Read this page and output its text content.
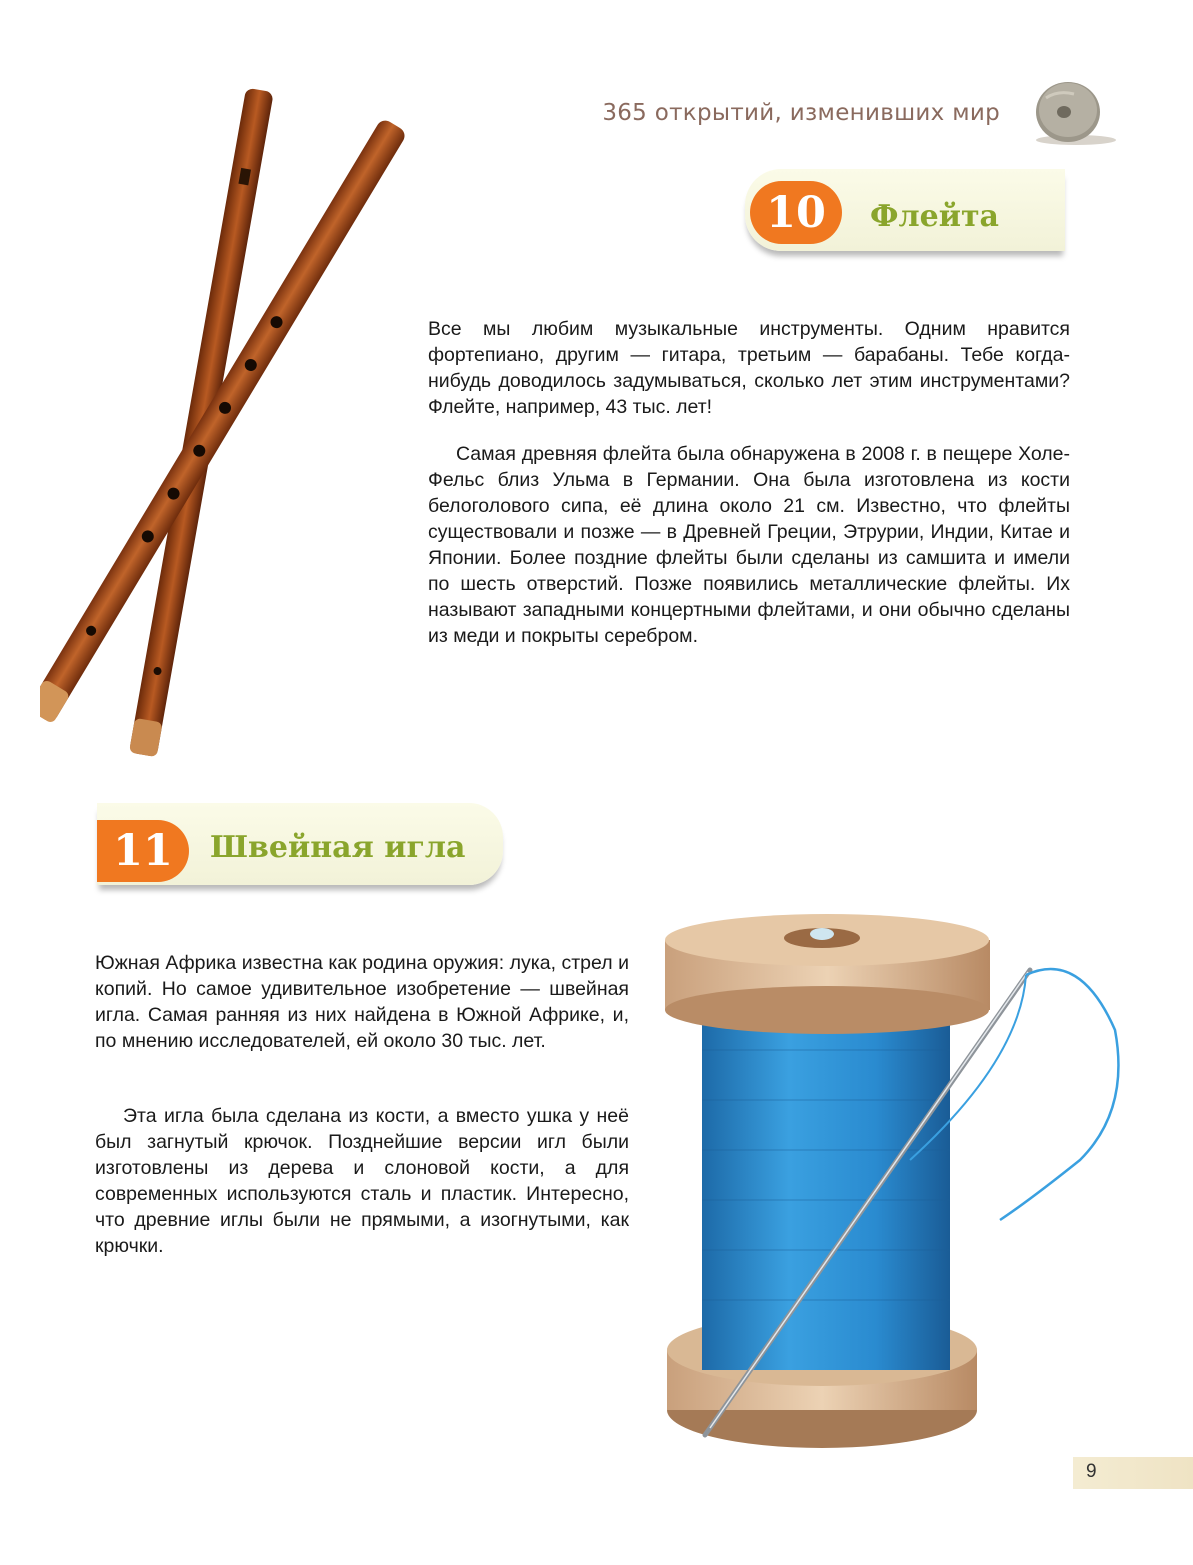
365 открытий, изменивших мир
10	Флейта

Все мы любим музыкальные инструменты. Одним нравится фортепиано, другим — гитара, третьим — барабаны. Тебе когда-нибудь доводилось задумываться, сколько лет этим инструментами? Флейте, например, 43 тыс. лет!

Самая древняя флейта была обнаружена в 2008 г. в пещере Холе-Фельс близ Ульма в Германии. Она была изготовлена из кости белоголового сипа, её длина около 21 см. Известно, что флейты существовали и позже — в Древней Греции, Этрурии, Индии, Китае и Японии. Более поздние флейты были сделаны из самшита и имели по шесть отверстий. Позже появились металлические флейты. Их называют западными концертными флейтами, и они обычно сделаны из меди и покрыты серебром.

11	Швейная игла

Южная Африка известна как родина оружия: лука, стрел и копий. Но самое удивительное изобретение — швейная игла. Самая ранняя из них найдена в Южной Африке, и, по мнению исследователей, ей около 30 тыс. лет.

Эта игла была сделана из кости, а вместо ушка у неё был загнутый крючок. Позднейшие версии игл были изготовлены из дерева и слоновой кости, а для современных используются сталь и пластик. Интересно, что древние иглы были не прямыми, а изогнутыми, как крючки.

9
